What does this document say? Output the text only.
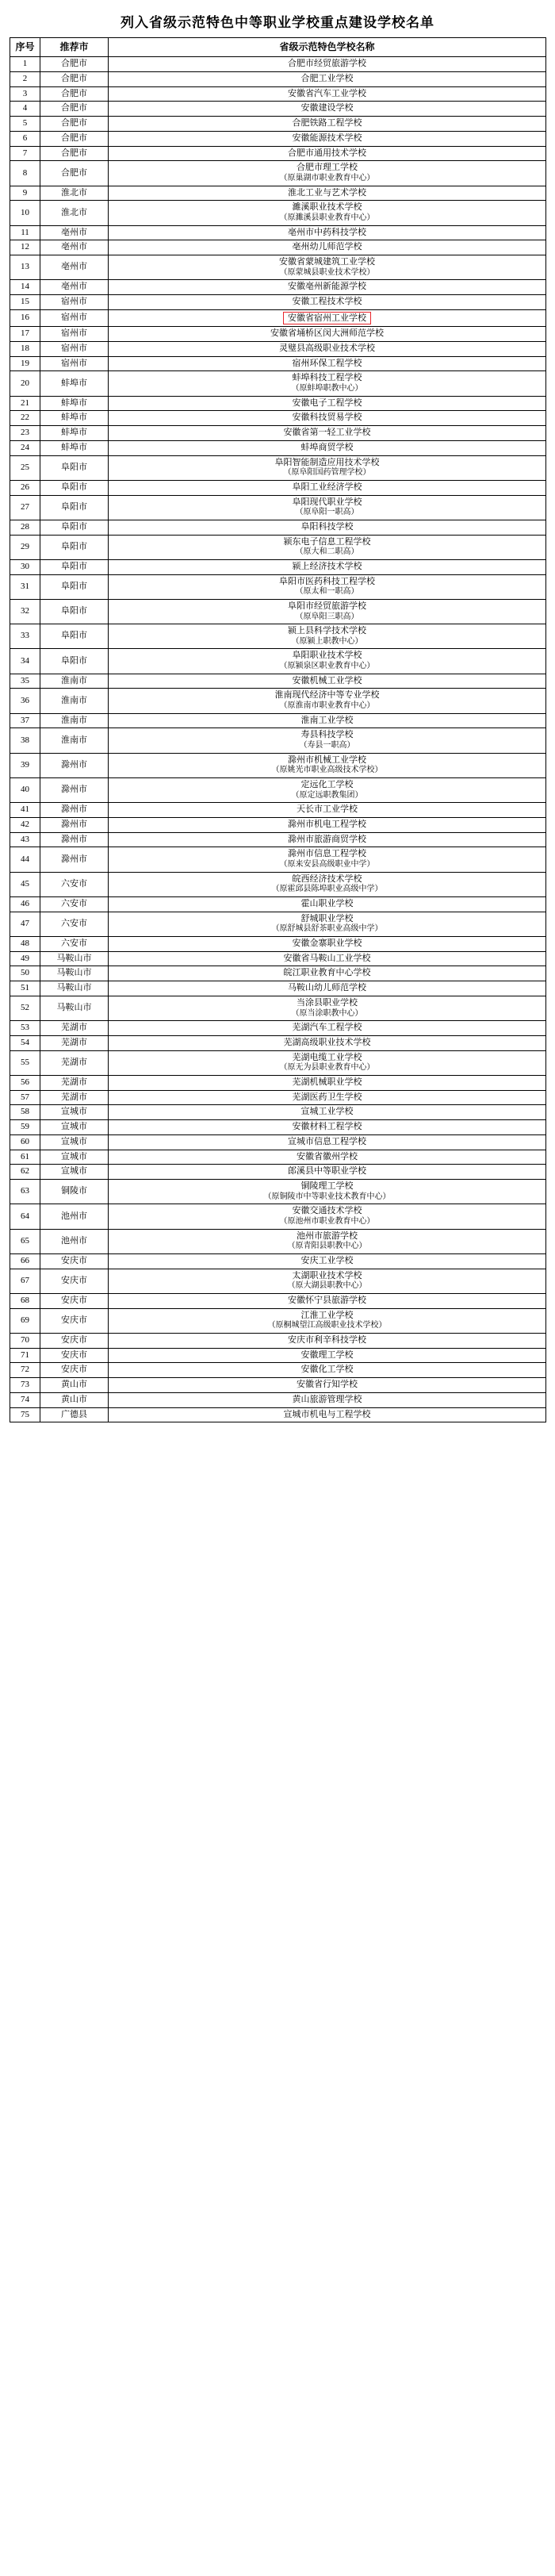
列入省级示范特色中等职业学校重点建设学校名单
序号	推荐市	省级示范特色学校名称
1	合肥市	合肥市经贸旅游学校
2	合肥市	合肥工业学校
3	合肥市	安徽省汽车工业学校
4	合肥市	安徽建设学校
5	合肥市	合肥铁路工程学校
6	合肥市	安徽能源技术学校
7	合肥市	合肥市通用技术学校
8	合肥市	合肥市理工学校
（原巢湖市职业教育中心）

9	淮北市	淮北工业与艺术学校
10	淮北市	濉溪职业技术学校
（原濉溪县职业教育中心）

11	亳州市	亳州市中药科技学校
12	亳州市	亳州幼儿师范学校
13	亳州市	安徽省蒙城建筑工业学校
（原蒙城县职业技术学校）

14	亳州市	安徽亳州新能源学校
15	宿州市	安徽工程技术学校
16	宿州市	安徽省宿州工业学校
17	宿州市	安徽省埇桥区闵大洲师范学校
18	宿州市	灵璧县高级职业技术学校
19	宿州市	宿州环保工程学校
20	蚌埠市	蚌埠科技工程学校
（原蚌埠职教中心）

21	蚌埠市	安徽电子工程学校
22	蚌埠市	安徽科技贸易学校
23	蚌埠市	安徽省第一轻工业学校
24	蚌埠市	蚌埠商贸学校
25	阜阳市	阜阳智能制造应用技术学校
（原阜阳国药管理学校）

26	阜阳市	阜阳工业经济学校
27	阜阳市	阜阳现代职业学校
（原阜阳一职高）

28	阜阳市	阜阳科技学校
29	阜阳市	颍东电子信息工程学校
（原大和二职高）

30	阜阳市	颍上经济技术学校
31	阜阳市	阜阳市医药科技工程学校
（原太和一职高）

32	阜阳市	阜阳市经贸旅游学校
（原阜阳三职高）

33	阜阳市	颍上县科学技术学校
（原颍上职教中心）

34	阜阳市	阜阳职业技术学校
（原颍泉区职业教育中心）

35	淮南市	安徽机械工业学校
36	淮南市	淮南现代经济中等专业学校
（原淮南市职业教育中心）

37	淮南市	淮南工业学校
38	淮南市	寿县科技学校
（寿县一职高）

39	滁州市	滁州市机械工业学校
（原姚光市职业高级技术学校）

40	滁州市	定远化工学校
（原定远职教集团）

41	滁州市	天长市工业学校
42	滁州市	滁州市机电工程学校
43	滁州市	滁州市旅游商贸学校
44	滁州市	滁州市信息工程学校
（原来安县高级职业中学）

45	六安市	皖西经济技术学校
（原霍邱县陈埠职业高级中学）

46	六安市	霍山职业学校
47	六安市	舒城职业学校
（原舒城县舒茶职业高级中学）

48	六安市	安徽金寨职业学校
49	马鞍山市	安徽省马鞍山工业学校
50	马鞍山市	皖江职业教育中心学校
51	马鞍山市	马鞍山幼儿师范学校
52	马鞍山市	当涂县职业学校
（原当涂职教中心）

53	芜湖市	芜湖汽车工程学校
54	芜湖市	芜湖高级职业技术学校
55	芜湖市	芜湖电缆工业学校
（原无为县职业教育中心）

56	芜湖市	芜湖机械职业学校
57	芜湖市	芜湖医药卫生学校
58	宣城市	宣城工业学校
59	宣城市	安徽材料工程学校
60	宣城市	宣城市信息工程学校
61	宣城市	安徽省徽州学校
62	宣城市	郎溪县中等职业学校
63	铜陵市	铜陵理工学校
（原铜陵市中等职业技术教育中心）

64	池州市	安徽交通技术学校
（原池州市职业教育中心）

65	池州市	池州市旅游学校
（原青阳县职教中心）

66	安庆市	安庆工业学校
67	安庆市	太湖职业技术学校
（原大湖县职教中心）

68	安庆市	安徽怀宁县旅游学校
69	安庆市	江淮工业学校
（原桐城望江高级职业技术学校）

70	安庆市	安庆市利辛科技学校
71	安庆市	安徽理工学校
72	安庆市	安徽化工学校
73	黄山市	安徽省行知学校
74	黄山市	黄山旅游管理学校
75	广德县	宣城市机电与工程学校
